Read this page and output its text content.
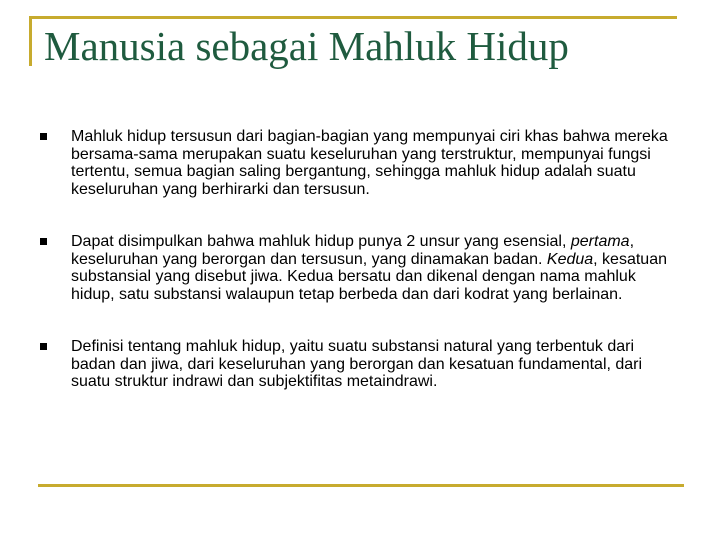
Manusia sebagai Mahluk Hidup
Mahluk hidup tersusun dari bagian-bagian yang mempunyai ciri khas bahwa mereka bersama-sama merupakan suatu keseluruhan yang terstruktur, mempunyai fungsi tertentu, semua bagian saling bergantung, sehingga mahluk hidup adalah suatu keseluruhan yang berhirarki dan tersusun.
Dapat disimpulkan bahwa mahluk hidup punya 2 unsur yang esensial, pertama, keseluruhan yang berorgan dan tersusun, yang dinamakan badan. Kedua, kesatuan substansial yang disebut jiwa. Kedua bersatu dan dikenal dengan nama mahluk hidup, satu substansi walaupun tetap berbeda dan dari kodrat yang berlainan.
Definisi tentang mahluk hidup, yaitu suatu substansi natural yang terbentuk dari badan dan jiwa, dari keseluruhan yang berorgan dan kesatuan fundamental, dari suatu struktur indrawi dan subjektifitas metaindrawi.
